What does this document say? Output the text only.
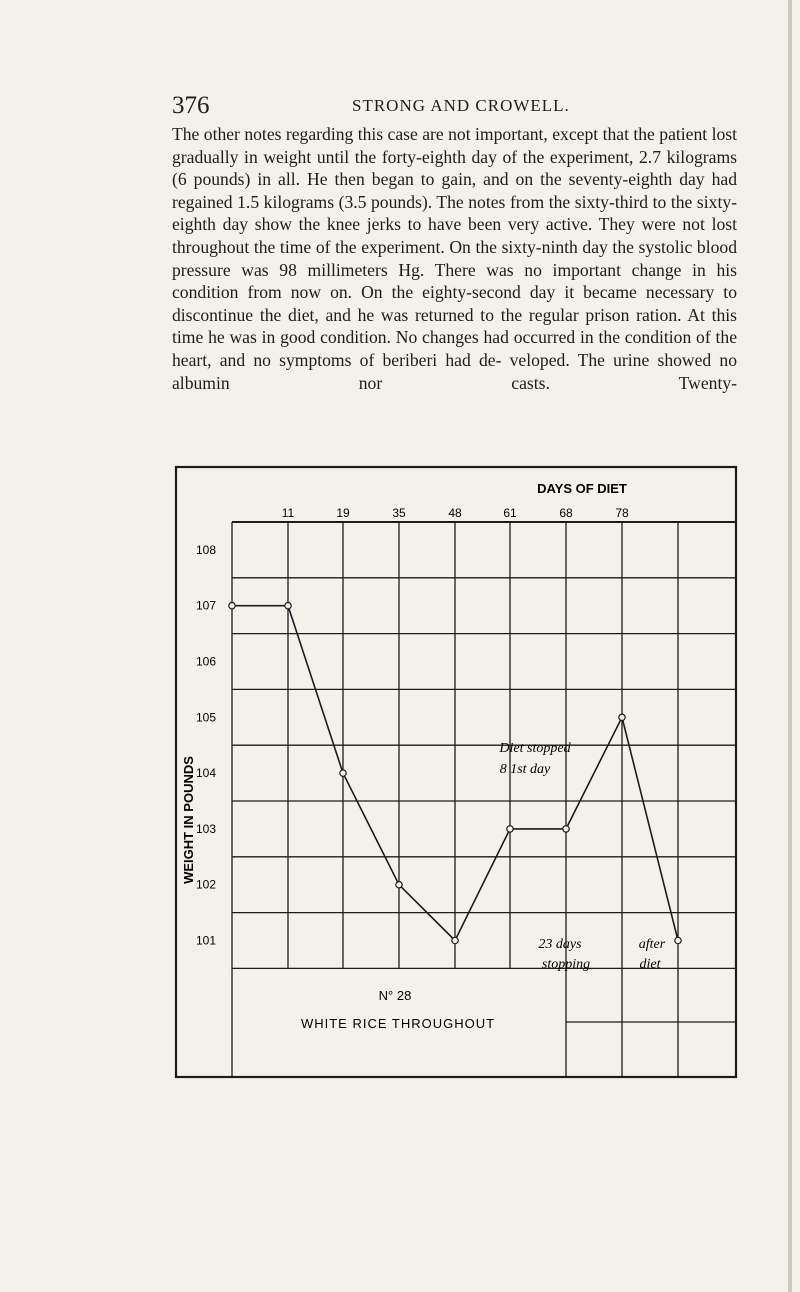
376	STRONG AND CROWELL.

The other notes regarding this case are not important, except that the patient lost gradually in weight until the forty-eighth day of the experiment, 2.7 kilograms (6 pounds) in all. He then began to gain, and on the seventy-eighth day had regained 1.5 kilograms (3.5 pounds). The notes from the sixty-third to the sixty-eighth day show the knee jerks to have been very active. They were not lost throughout the time of the experiment. On the sixty-ninth day the systolic blood pressure was 98 millimeters Hg. There was no important change in his condition from now on. On the eighty-second day it became necessary to discontinue the diet, and he was returned to the regular prison ration. At this time he was in good condition. No changes had occurred in the condition of the heart, and no symptoms of beriberi had de- veloped. The urine showed no albumin nor casts. Twenty-

DAYS OF DIET
WEIGHT IN POUNDS
11	19	35	48	61	68	78
108
107
106
105
104
103
102
101
Diet stopped
8 1st day
23 days
stopping
after
diet
N° 28
WHITE RICE THROUGHOUT
